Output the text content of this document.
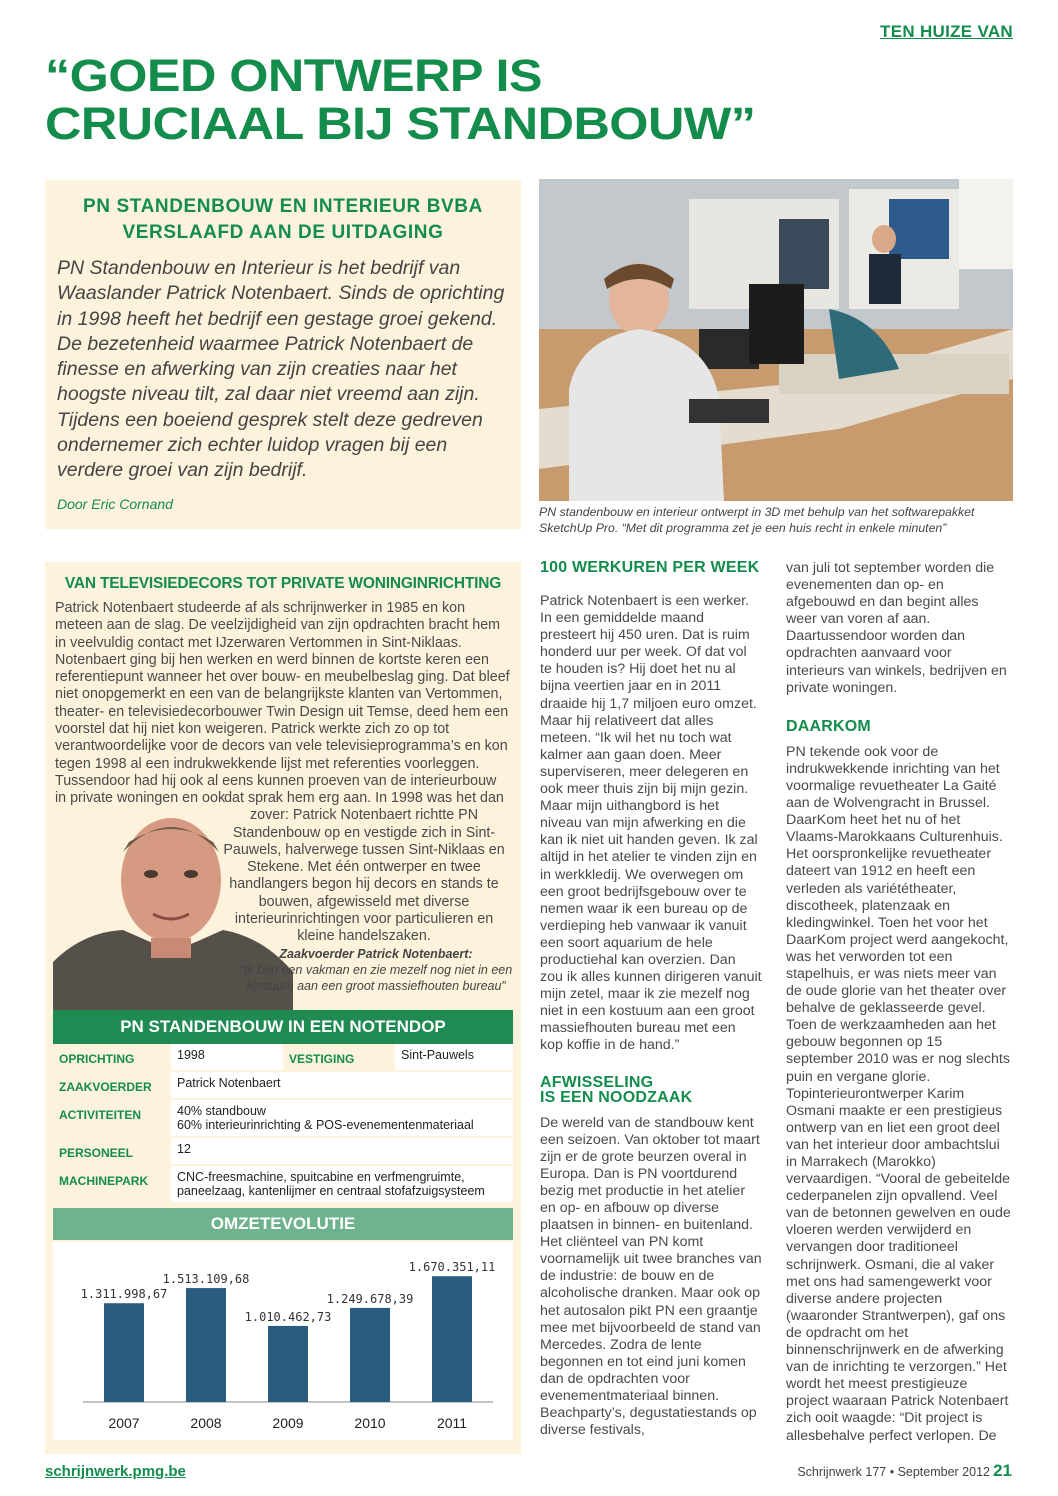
TEN HUIZE VAN
“GOED ONTWERP IS
CRUCIAAL BIJ STANDBOUW”
PN STANDENBOUW EN INTERIEUR BVBA
VERSLAAFD AAN DE UITDAGING
PN Standenbouw en Interieur is het bedrijf van Waaslander Patrick Notenbaert. Sinds de oprichting in 1998 heeft het bedrijf een gestage groei gekend. De bezetenheid waarmee Patrick Notenbaert de finesse en afwerking van zijn creaties naar het hoogste niveau tilt, zal daar niet vreemd aan zijn. Tijdens een boeiend gesprek stelt deze gedreven ondernemer zich echter luidop vragen bij een verdere groei van zijn bedrijf.
Door Eric Cornand	PN standenbouw en interieur ontwerpt in 3D met behulp van het softwarepakket SketchUp Pro. “Met dit programma zet je een huis recht in enkele minuten”
VAN TELEVISIEDECORS TOT PRIVATE WONINGINRICHTING
Patrick Notenbaert studeerde af als schrijnwerker in 1985 en kon meteen aan de slag. De veelzijdigheid van zijn opdrachten bracht hem in veelvuldig contact met IJzerwaren Vertommen in Sint-Niklaas. Notenbaert ging bij hen werken en werd binnen de kortste keren een referentiepunt wanneer het over bouw- en meubelbeslag ging. Dat bleef niet onopgemerkt en een van de belangrijkste klanten van Vertommen, theater- en televisiedecorbouwer Twin Design uit Temse, deed hem een voorstel dat hij niet kon weigeren. Patrick werkte zich zo op tot verantwoordelijke voor de decors van vele televisieprogramma’s en kon tegen 1998 al een indrukwekkende lijst met referenties voorleggen. Tussendoor had hij ook al eens kunnen proeven van de interieurbouw in private woningen en ook dat sprak hem erg aan. In 1998 was het dan zover: Patrick Notenbaert richtte PN Standenbouw op en vestigde zich in Sint-Pauwels, halverwege tussen Sint-Niklaas en Stekene. Met één ontwerper en twee handlangers begon hij decors en stands te bouwen, afgewisseld met diverse interieurinrichtingen voor particulieren en kleine handelszaken.
Zaakvoerder Patrick Notenbaert:
“Ik ben een vakman en zie mezelf nog niet in een kostuum aan een groot massiefhouten bureau”
PN STANDENBOUW IN EEN NOTENDOP
OPRICHTING	1998	VESTIGING	Sint-Pauwels
ZAAKVOERDER	Patrick Notenbaert		
ACTIVITEITEN	40% standbouw
60% interieurinrichting & POS-evenementenmateriaal		

PERSONEEL	12		
MACHINEPARK	CNC-freesmachine, spuitcabine en verfmengruimte,
paneelzaag, kantenlijmer en centraal stofafzuigsysteem		
OMZETEVOLUTIE
1.311.998,67
2007
1.513.109,68
2008
1.010.462,73
2009
1.249.678,39
2010
1.670.351,11
2011
100 WERKUREN PER WEEK

Patrick Notenbaert is een werker. In een gemiddelde maand presteert hij 450 uren. Dat is ruim honderd uur per week. Of dat vol te houden is? Hij doet het nu al bijna veertien jaar en in 2011 draaide hij 1,7 miljoen euro omzet. Maar hij relativeert dat alles meteen. “Ik wil het nu toch wat kalmer aan gaan doen. Meer superviseren, meer delegeren en ook meer thuis zijn bij mijn gezin. Maar mijn uithangbord is het niveau van mijn afwerking en die kan ik niet uit handen geven. Ik zal altijd in het atelier te vinden zijn en in werkkledij. We overwegen om een groot bedrijfsgebouw over te nemen waar ik een bureau op de verdieping heb vanwaar ik vanuit een soort aquarium de hele productiehal kan overzien. Dan zou ik alles kunnen dirigeren vanuit mijn zetel, maar ik zie mezelf nog niet in een kostuum aan een groot massiefhouten bureau met een kop koffie in de hand.”

AFWISSELING
IS EEN NOODZAAK

De wereld van de standbouw kent een seizoen. Van oktober tot maart zijn er de grote beurzen overal in Europa. Dan is PN voortdurend bezig met productie in het atelier en op- en afbouw op diverse plaatsen in binnen- en buitenland. Het cliënteel van PN komt voornamelijk uit twee branches van de industrie: de bouw en de alcoholische dranken. Maar ook op het autosalon pikt PN een graantje mee met bijvoorbeeld de stand van Mercedes. Zodra de lente begonnen en tot eind juni komen dan de opdrachten voor evenementmateriaal binnen. Beachparty’s, degustatiestands op diverse festivals,

van juli tot september worden die evenementen dan op- en afgebouwd en dan begint alles weer van voren af aan. Daartussendoor worden dan opdrachten aanvaard voor interieurs van winkels, bedrijven en private woningen.

DAARKOM

PN tekende ook voor de indrukwekkende inrichting van het voormalige revuetheater La Gaité aan de Wolvengracht in Brussel. DaarKom heet het nu of het Vlaams-Marokkaans Culturenhuis. Het oorspronkelijke revuetheater dateert van 1912 en heeft een verleden als variététheater, discotheek, platenzaak en kledingwinkel. Toen het voor het DaarKom project werd aangekocht, was het verworden tot een stapelhuis, er was niets meer van de oude glorie van het theater over behalve de geklasseerde gevel. Toen de werkzaamheden aan het gebouw begonnen op 15 september 2010 was er nog slechts puin en vergane glorie. Topinterieurontwerper Karim Osmani maakte er een prestigieus ontwerp van en liet een groot deel van het interieur door ambachtslui in Marrakech (Marokko) vervaardigen. “Vooral de gebeitelde cederpanelen zijn opvallend. Veel van de betonnen gewelven en oude vloeren werden verwijderd en vervangen door traditioneel schrijnwerk. Osmani, die al vaker met ons had samengewerkt voor diverse andere projecten (waaronder Strantwerpen), gaf ons de opdracht om het binnenschrijnwerk en de afwerking van de inrichting te verzorgen.” Het wordt het meest prestigieuze project waaraan Patrick Notenbaert zich ooit waagde: “Dit project is allesbehalve perfect verlopen. De

schrijnwerk.pmg.be	Schrijnwerk 177 • September 2012 21
